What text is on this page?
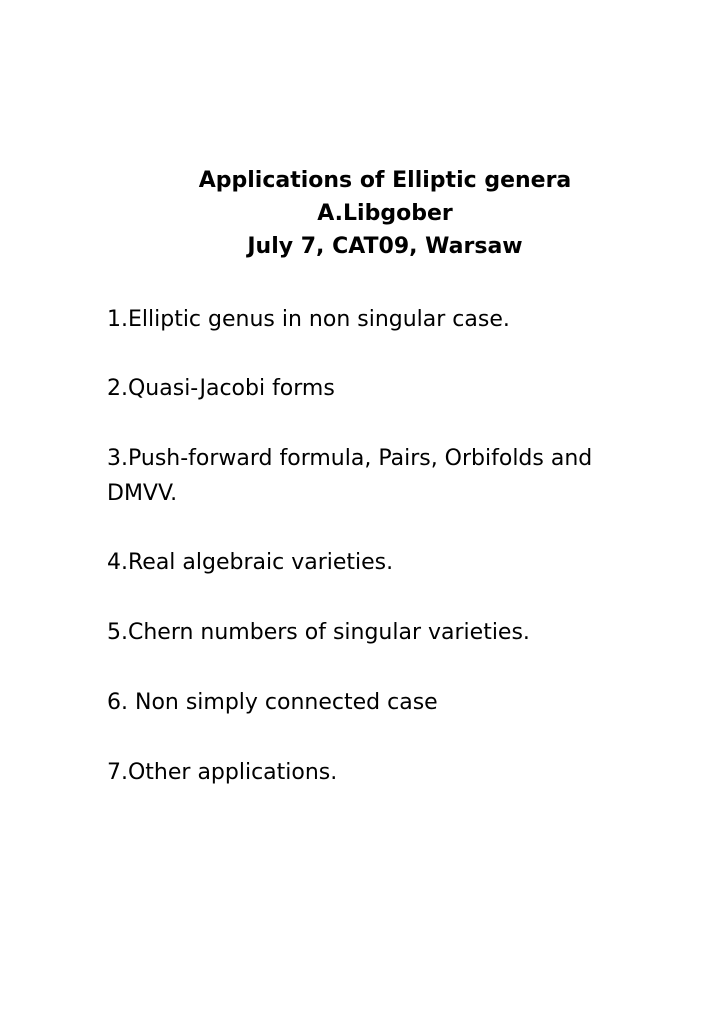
Applications of Elliptic genera
A.Libgober
July 7, CAT09, Warsaw
1.Elliptic genus in non singular case.
2.Quasi-Jacobi forms
3.Push-forward formula, Pairs, Orbifolds and
DMVV.
4.Real algebraic varieties.
5.Chern numbers of singular varieties.
6. Non simply connected case
7.Other applications.
